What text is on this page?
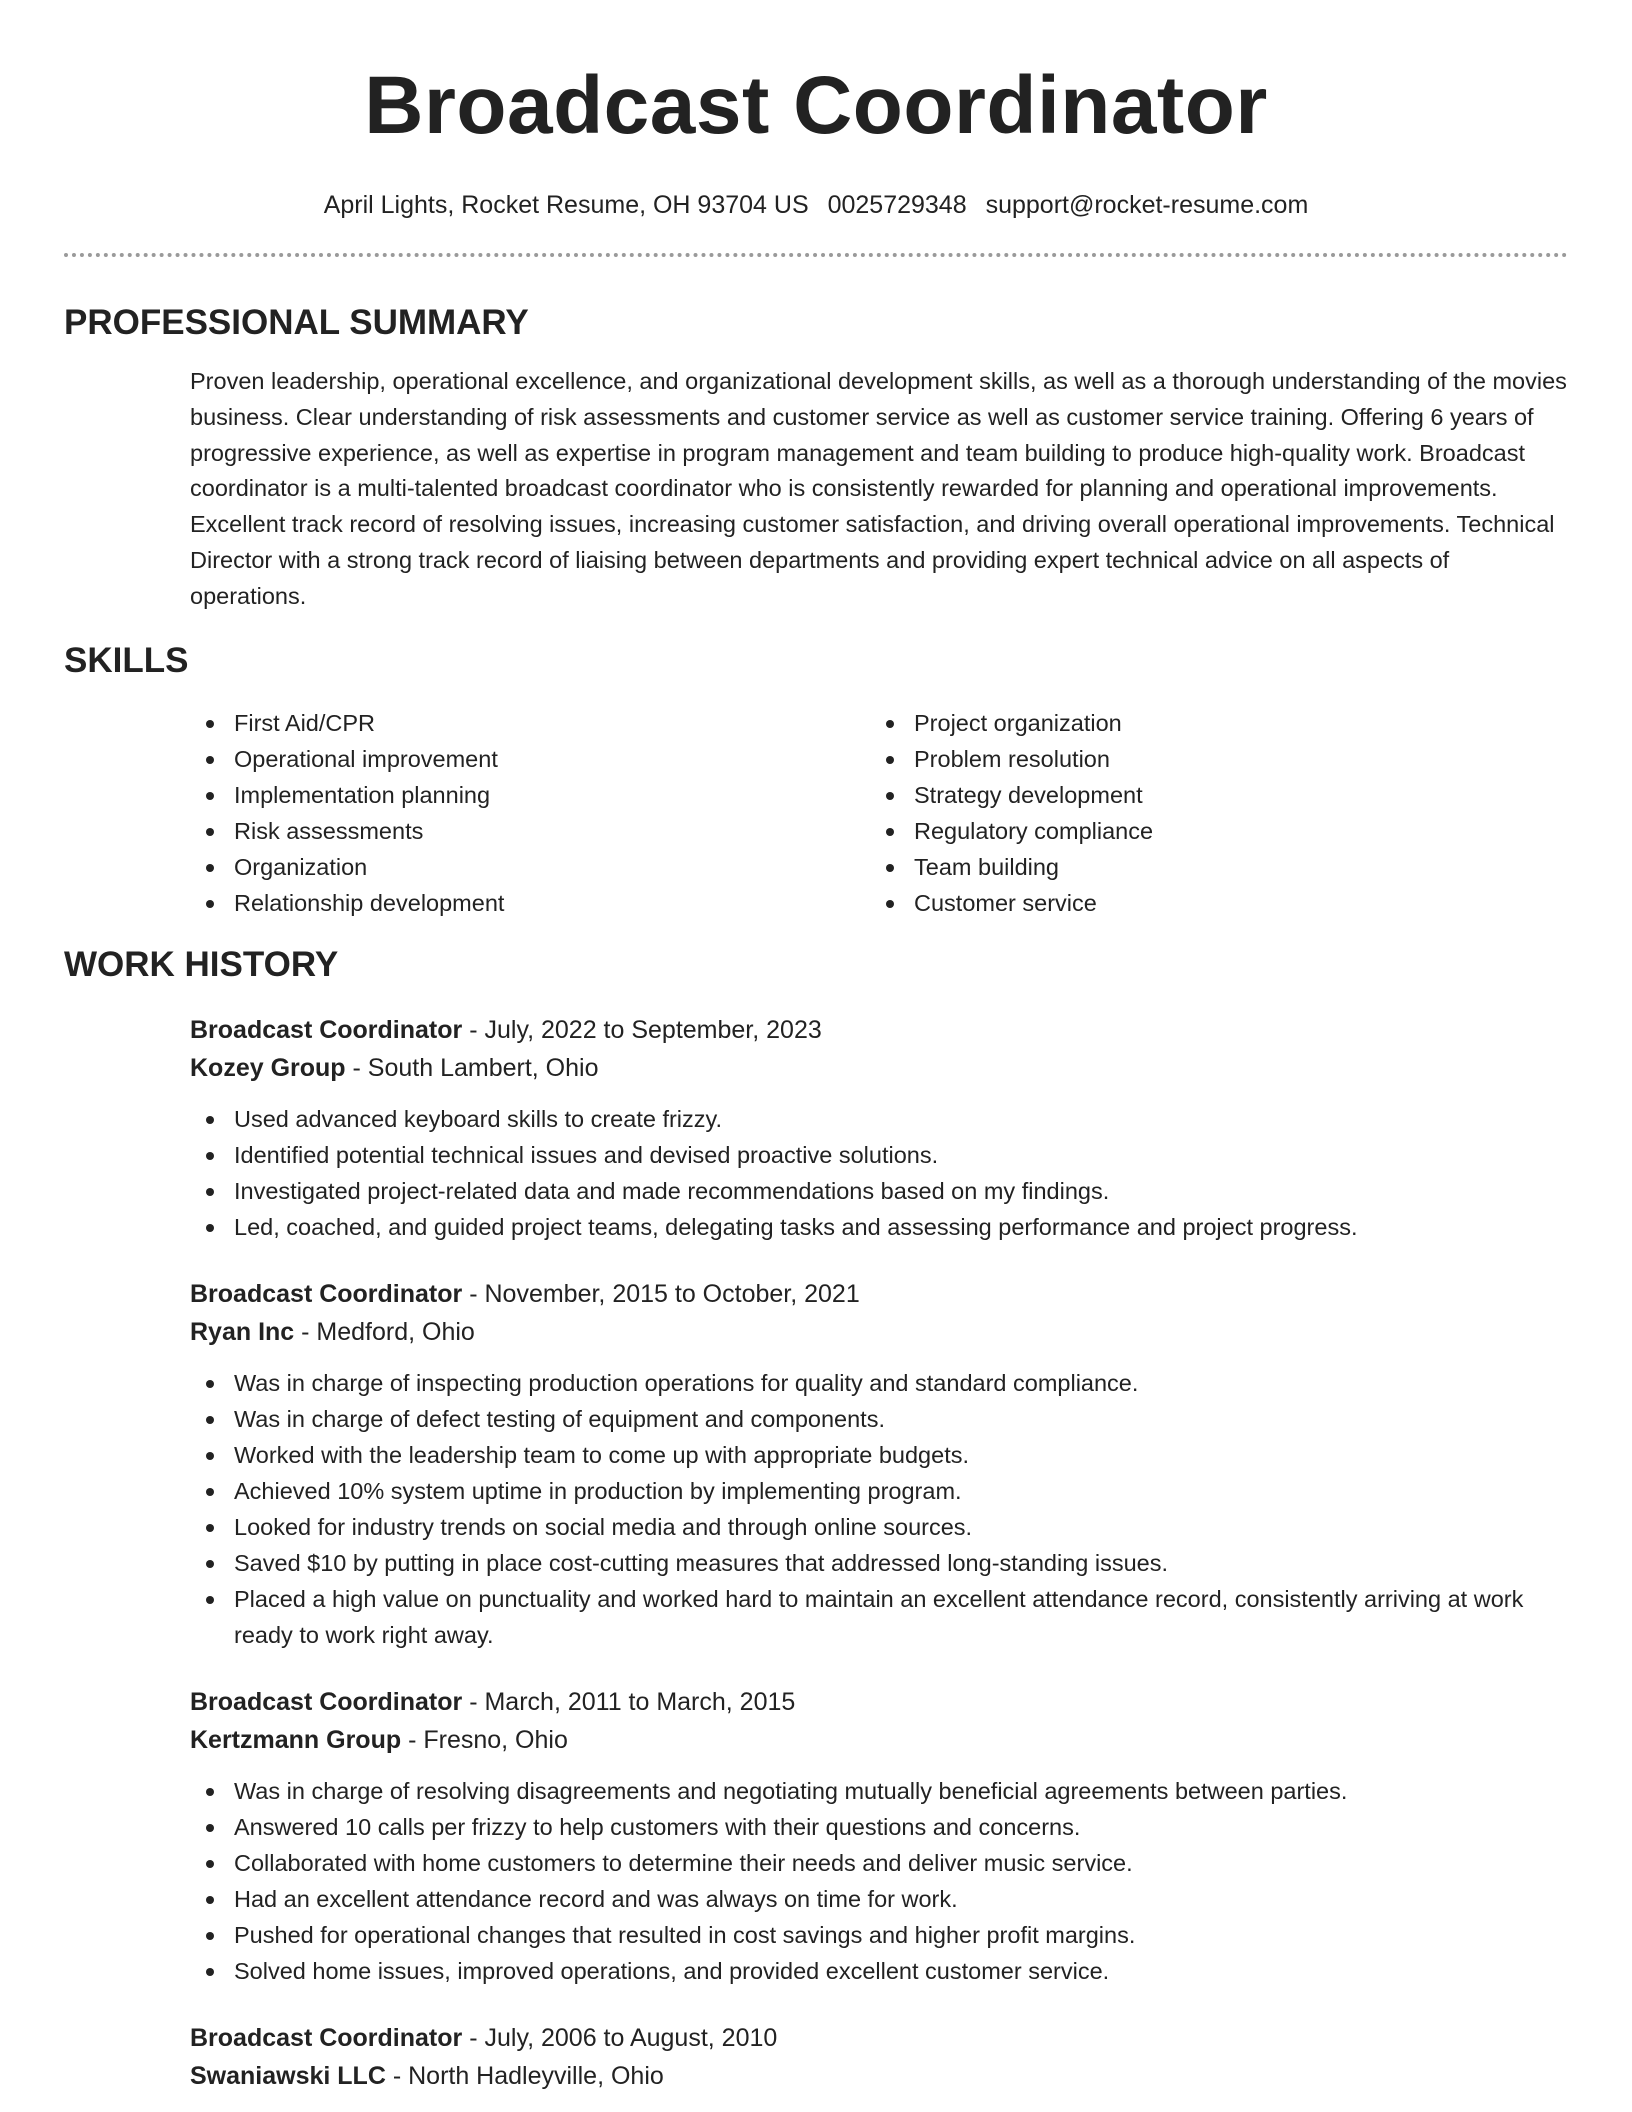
Broadcast Coordinator
April Lights, Rocket Resume, OH 93704 US 0025729348 support@rocket-resume.com
PROFESSIONAL SUMMARY

Proven leadership, operational excellence, and organizational development skills, as well as a thorough understanding of the movies business. Clear understanding of risk assessments and customer service as well as customer service training. Offering 6 years of progressive experience, as well as expertise in program management and team building to produce high-quality work. Broadcast coordinator is a multi-talented broadcast coordinator who is consistently rewarded for planning and operational improvements. Excellent track record of resolving issues, increasing customer satisfaction, and driving overall operational improvements. Technical Director with a strong track record of liaising between departments and providing expert technical advice on all aspects of operations.

SKILLS
First Aid/CPR
Operational improvement
Implementation planning
Risk assessments
Organization
Relationship development
Project organization
Problem resolution
Strategy development
Regulatory compliance
Team building
Customer service
WORK HISTORY
Broadcast Coordinator - July, 2022 to September, 2023
Kozey Group - South Lambert, Ohio
Used advanced keyboard skills to create frizzy.
Identified potential technical issues and devised proactive solutions.
Investigated project-related data and made recommendations based on my findings.
Led, coached, and guided project teams, delegating tasks and assessing performance and project progress.
Broadcast Coordinator - November, 2015 to October, 2021
Ryan Inc - Medford, Ohio
Was in charge of inspecting production operations for quality and standard compliance.
Was in charge of defect testing of equipment and components.
Worked with the leadership team to come up with appropriate budgets.
Achieved 10% system uptime in production by implementing program.
Looked for industry trends on social media and through online sources.
Saved $10 by putting in place cost-cutting measures that addressed long-standing issues.
Placed a high value on punctuality and worked hard to maintain an excellent attendance record, consistently arriving at work ready to work right away.
Broadcast Coordinator - March, 2011 to March, 2015
Kertzmann Group - Fresno, Ohio
Was in charge of resolving disagreements and negotiating mutually beneficial agreements between parties.
Answered 10 calls per frizzy to help customers with their questions and concerns.
Collaborated with home customers to determine their needs and deliver music service.
Had an excellent attendance record and was always on time for work.
Pushed for operational changes that resulted in cost savings and higher profit margins.
Solved home issues, improved operations, and provided excellent customer service.
Broadcast Coordinator - July, 2006 to August, 2010
Swaniawski LLC - North Hadleyville, Ohio
